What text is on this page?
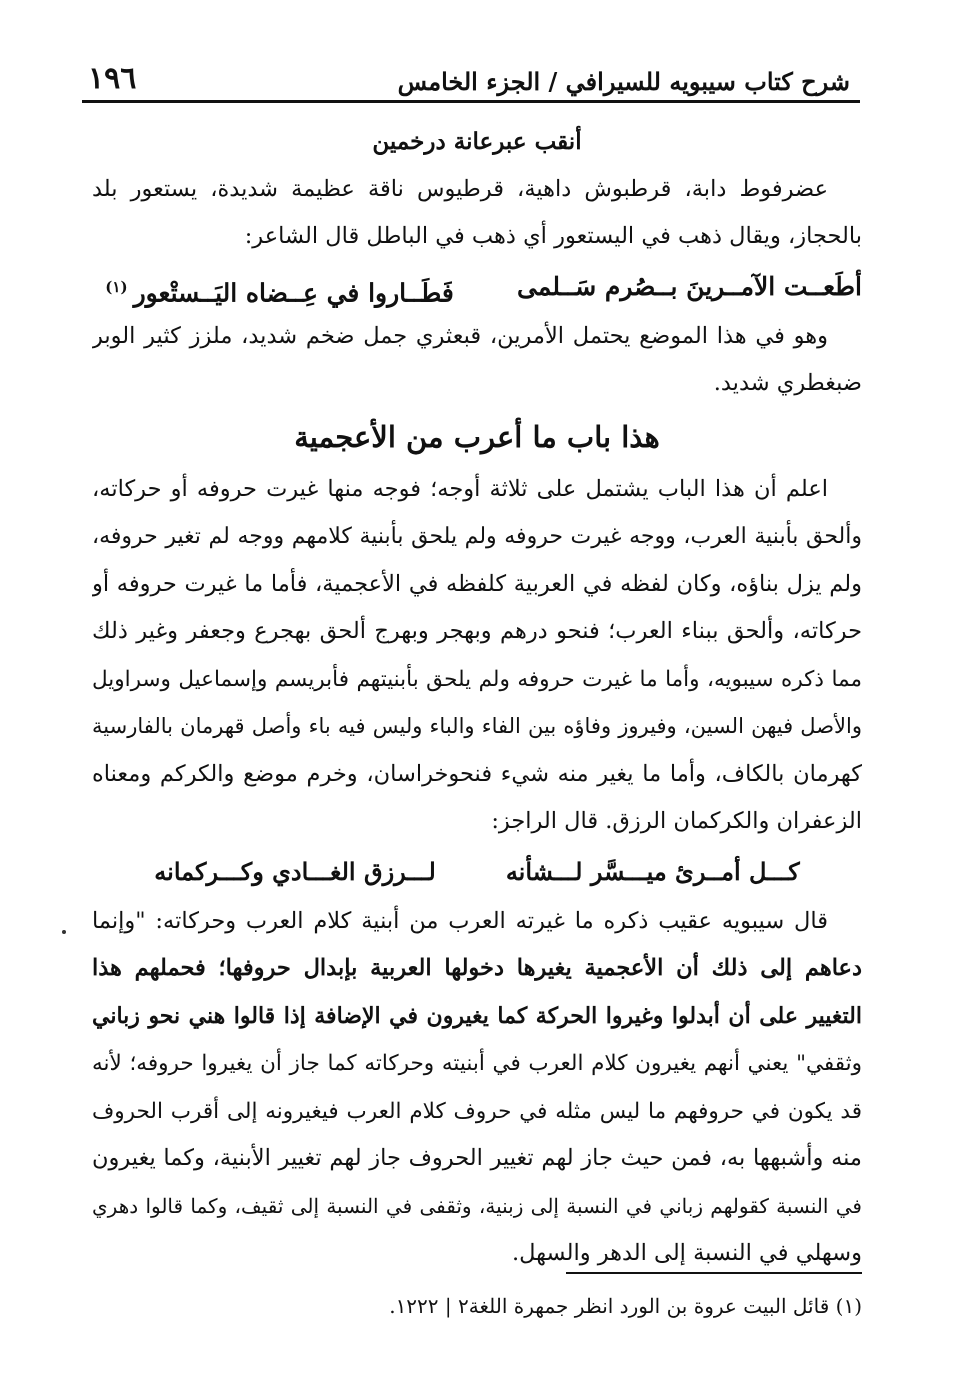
شرح كتاب سيبويه للسيرافي / الجزء الخامس
١٩٦
أنقب عبرعانة درخمين
عضرفوط دابة، قرطبوش داهية، قرطيوس ناقة عظيمة شديدة، يستعور بلد
بالحجاز، ويقال ذهب في اليستعور أي ذهب في الباطل قال الشاعر:
أطَعــت الآمــرينَ بــصُرم سَــلمى
فَطَــاروا في عِــضاه اليَــستْعور$^{(١)}$
وهو في هذا الموضع يحتمل الأمرين، قبعثري جمل ضخم شديد، ملزز كثير الوبر
ضبغطري شديد.
هذا باب ما أعرب من الأعجمية
اعلم أن هذا الباب يشتمل على ثلاثة أوجه؛ فوجه منها غيرت حروفه أو حركاته،
وألحق بأبنية العرب، ووجه غيرت حروفه ولم يلحق بأبنية كلامهم ووجه لم تغير حروفه،
ولم يزل بناؤه، وكان لفظه في العربية كلفظه في الأعجمية، فأما ما غيرت حروفه أو
حركاته، وألحق ببناء العرب؛ فنحو درهم وبهجر وبهرج ألحق بهجرع وجعفر وغير ذلك
مما ذكره سيبويه، وأما ما غيرت حروفه ولم يلحق بأبنيتهم فأبريسم وإسماعيل وسراويل
والأصل فيهن السين، وفيروز وفاؤه بين الفاء والباء وليس فيه باء وأصل قهرمان بالفارسية
كهرمان بالكاف، وأما ما يغير منه شيء فنحوخراسان، وخرم موضع والكركم ومعناه
الزعفران والكركمان الرزق. قال الراجز:
كـــل أمــرئ ميـــسَّر لـــشأنه
لـــرزق الغـــادي وكـــركمانه
قال سيبويه عقيب ذكره ما غيرته العرب من أبنية كلام العرب وحركاته: "وإنما
دعاهم إلى ذلك أن الأعجمية يغيرها دخولها العربية بإبدال حروفها؛ فحملهم هذا
التغيير على أن أبدلوا وغيروا الحركة كما يغيرون في الإضافة إذا قالوا هني نحو زباني
وثقفي" يعني أنهم يغيرون كلام العرب في أبنيته وحركاته كما جاز أن يغيروا حروفه؛ لأنه
قد يكون في حروفهم ما ليس مثله في حروف كلام العرب فيغيرونه إلى أقرب الحروف
منه وأشبهها به، فمن حيث جاز لهم تغيير الحروف جاز لهم تغيير الأبنية، وكما يغيرون
في النسبة كقولهم زباني في النسبة إلى زبنية، وثقفى في النسبة إلى ثقيف، وكما قالوا دهري
وسهلي في النسبة إلى الدهر والسهل.
(١) قائل البيت عروة بن الورد انظر جمهرة اللغة٢ | ١٢٢٢.
